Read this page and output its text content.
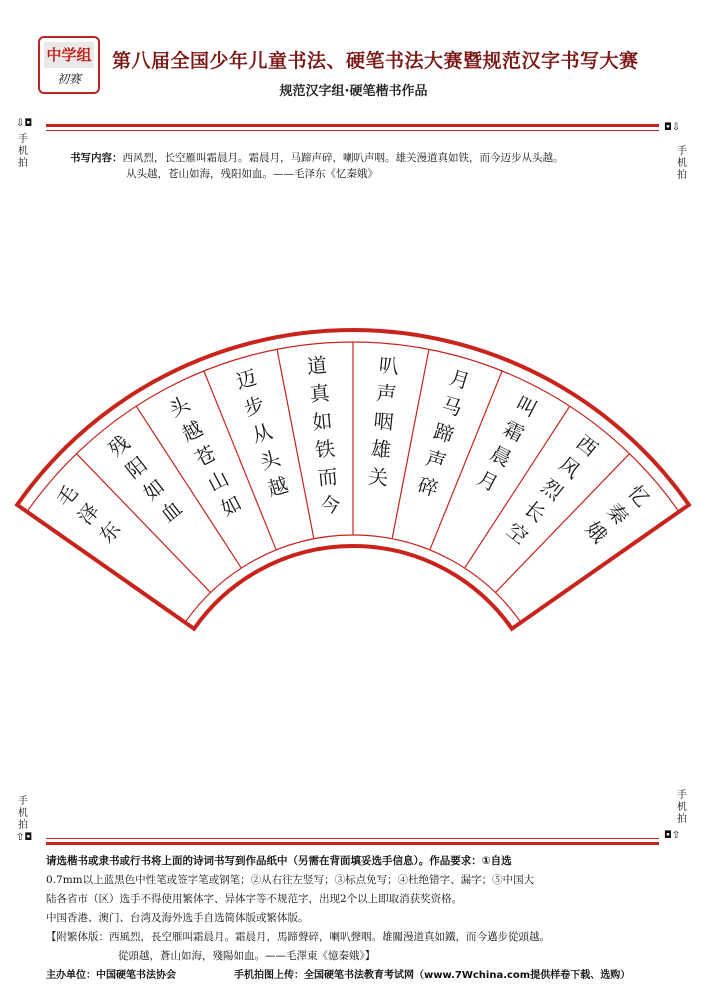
中学组
初赛
第八届全国少年儿童书法、硬笔书法大赛暨规范汉字书写大赛
规范汉字组·硬笔楷书作品
⇩◘	◘⇩
手机拍
手机拍
手机拍
手机拍
⇧◘	◘⇧
书写内容：西风烈，长空雁叫霜晨月。霜晨月，马蹄声碎，喇叭声咽。雄关漫道真如铁，而今迈步从头越。
从头越，苍山如海，残阳如血。——毛泽东《忆秦娥》
忆
秦
娥
西
风
烈
长
空
叫
霜
晨
月
月
马
蹄
声
碎
叭
声
咽
雄
关
道
真
如
铁
而
今
迈
步
从
头
越
头
越
苍
山
如
残
阳
如
血
毛
泽
东
请选楷书或隶书或行书将上面的诗词书写到作品纸中（另需在背面填妥选手信息）。作品要求：①自选
0.7mm以上蓝黑色中性笔或签字笔或钢笔；②从右往左竖写；③标点免写；④杜绝错字、漏字；⑤中国大
陆各省市（区）选手不得使用繁体字、异体字等不规范字，出现2个以上即取消获奖资格。
中国香港、澳门、台湾及海外选手自选简体版或繁体版。
【附繁体版：西風烈，長空雁叫霜晨月。霜晨月，馬蹄聲碎，喇叭聲咽。雄關漫道真如鐵，而今邁步從頭越。
從頭越，蒼山如海，殘陽如血。——毛澤東《憶秦娥》】
主办单位：中国硬笔书法协会	手机拍图上传：全国硬笔书法教育考试网（www.7Wchina.com提供样卷下载、选购）
